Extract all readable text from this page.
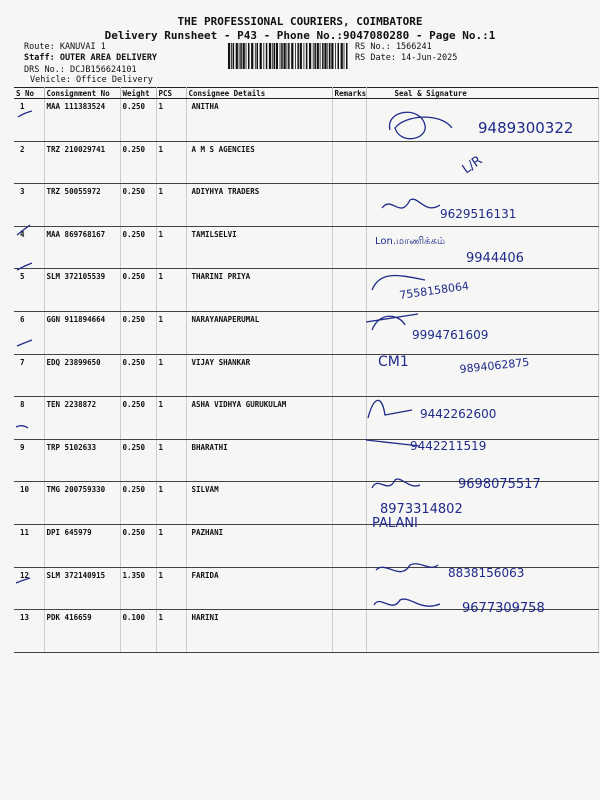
THE PROFESSIONAL COURIERS, COIMBATORE
Delivery Runsheet - P43 - Phone No.:9047080280 - Page No.:1
Route: KANUVAI 1
Staff: OUTER AREA DELIVERY
DRS No.: DCJB156624101
Vehicle: Office Delivery
RS No.: 1566241
RS Date: 14-Jun-2025
S No	Consignment No	Weight	PCS	Consignee Details	Remarks	Seal & Signature
1	MAA 111383524	0.250	1	ANITHA		
2	TRZ 210029741	0.250	1	A M S AGENCIES		
3	TRZ 50055972	0.250	1	ADIYHYA TRADERS		
4	MAA 869768167	0.250	1	TAMILSELVI		
5	SLM 372105539	0.250	1	THARINI PRIYA		
6	GGN 911894664	0.250	1	NARAYANAPERUMAL		
7	EDQ 23899650	0.250	1	VIJAY SHANKAR		
8	TEN 2238872	0.250	1	ASHA VIDHYA GURUKULAM		
9	TRP 5102633	0.250	1	BHARATHI		
10	TMG 200759330	0.250	1	SILVAM		
11	DPI 645979	0.250	1	PAZHANI		
12	SLM 372140915	1.350	1	FARIDA		
13	PDK 416659	0.100	1	HARINI		
9489300322
L/R
9629516131
Lon.மாணிக்கம்
9944406
7558158064
9994761609
CM1	9894062875
9442262600
9442211519
9698075517
8973314802
PALANI
8838156063
9677309758
